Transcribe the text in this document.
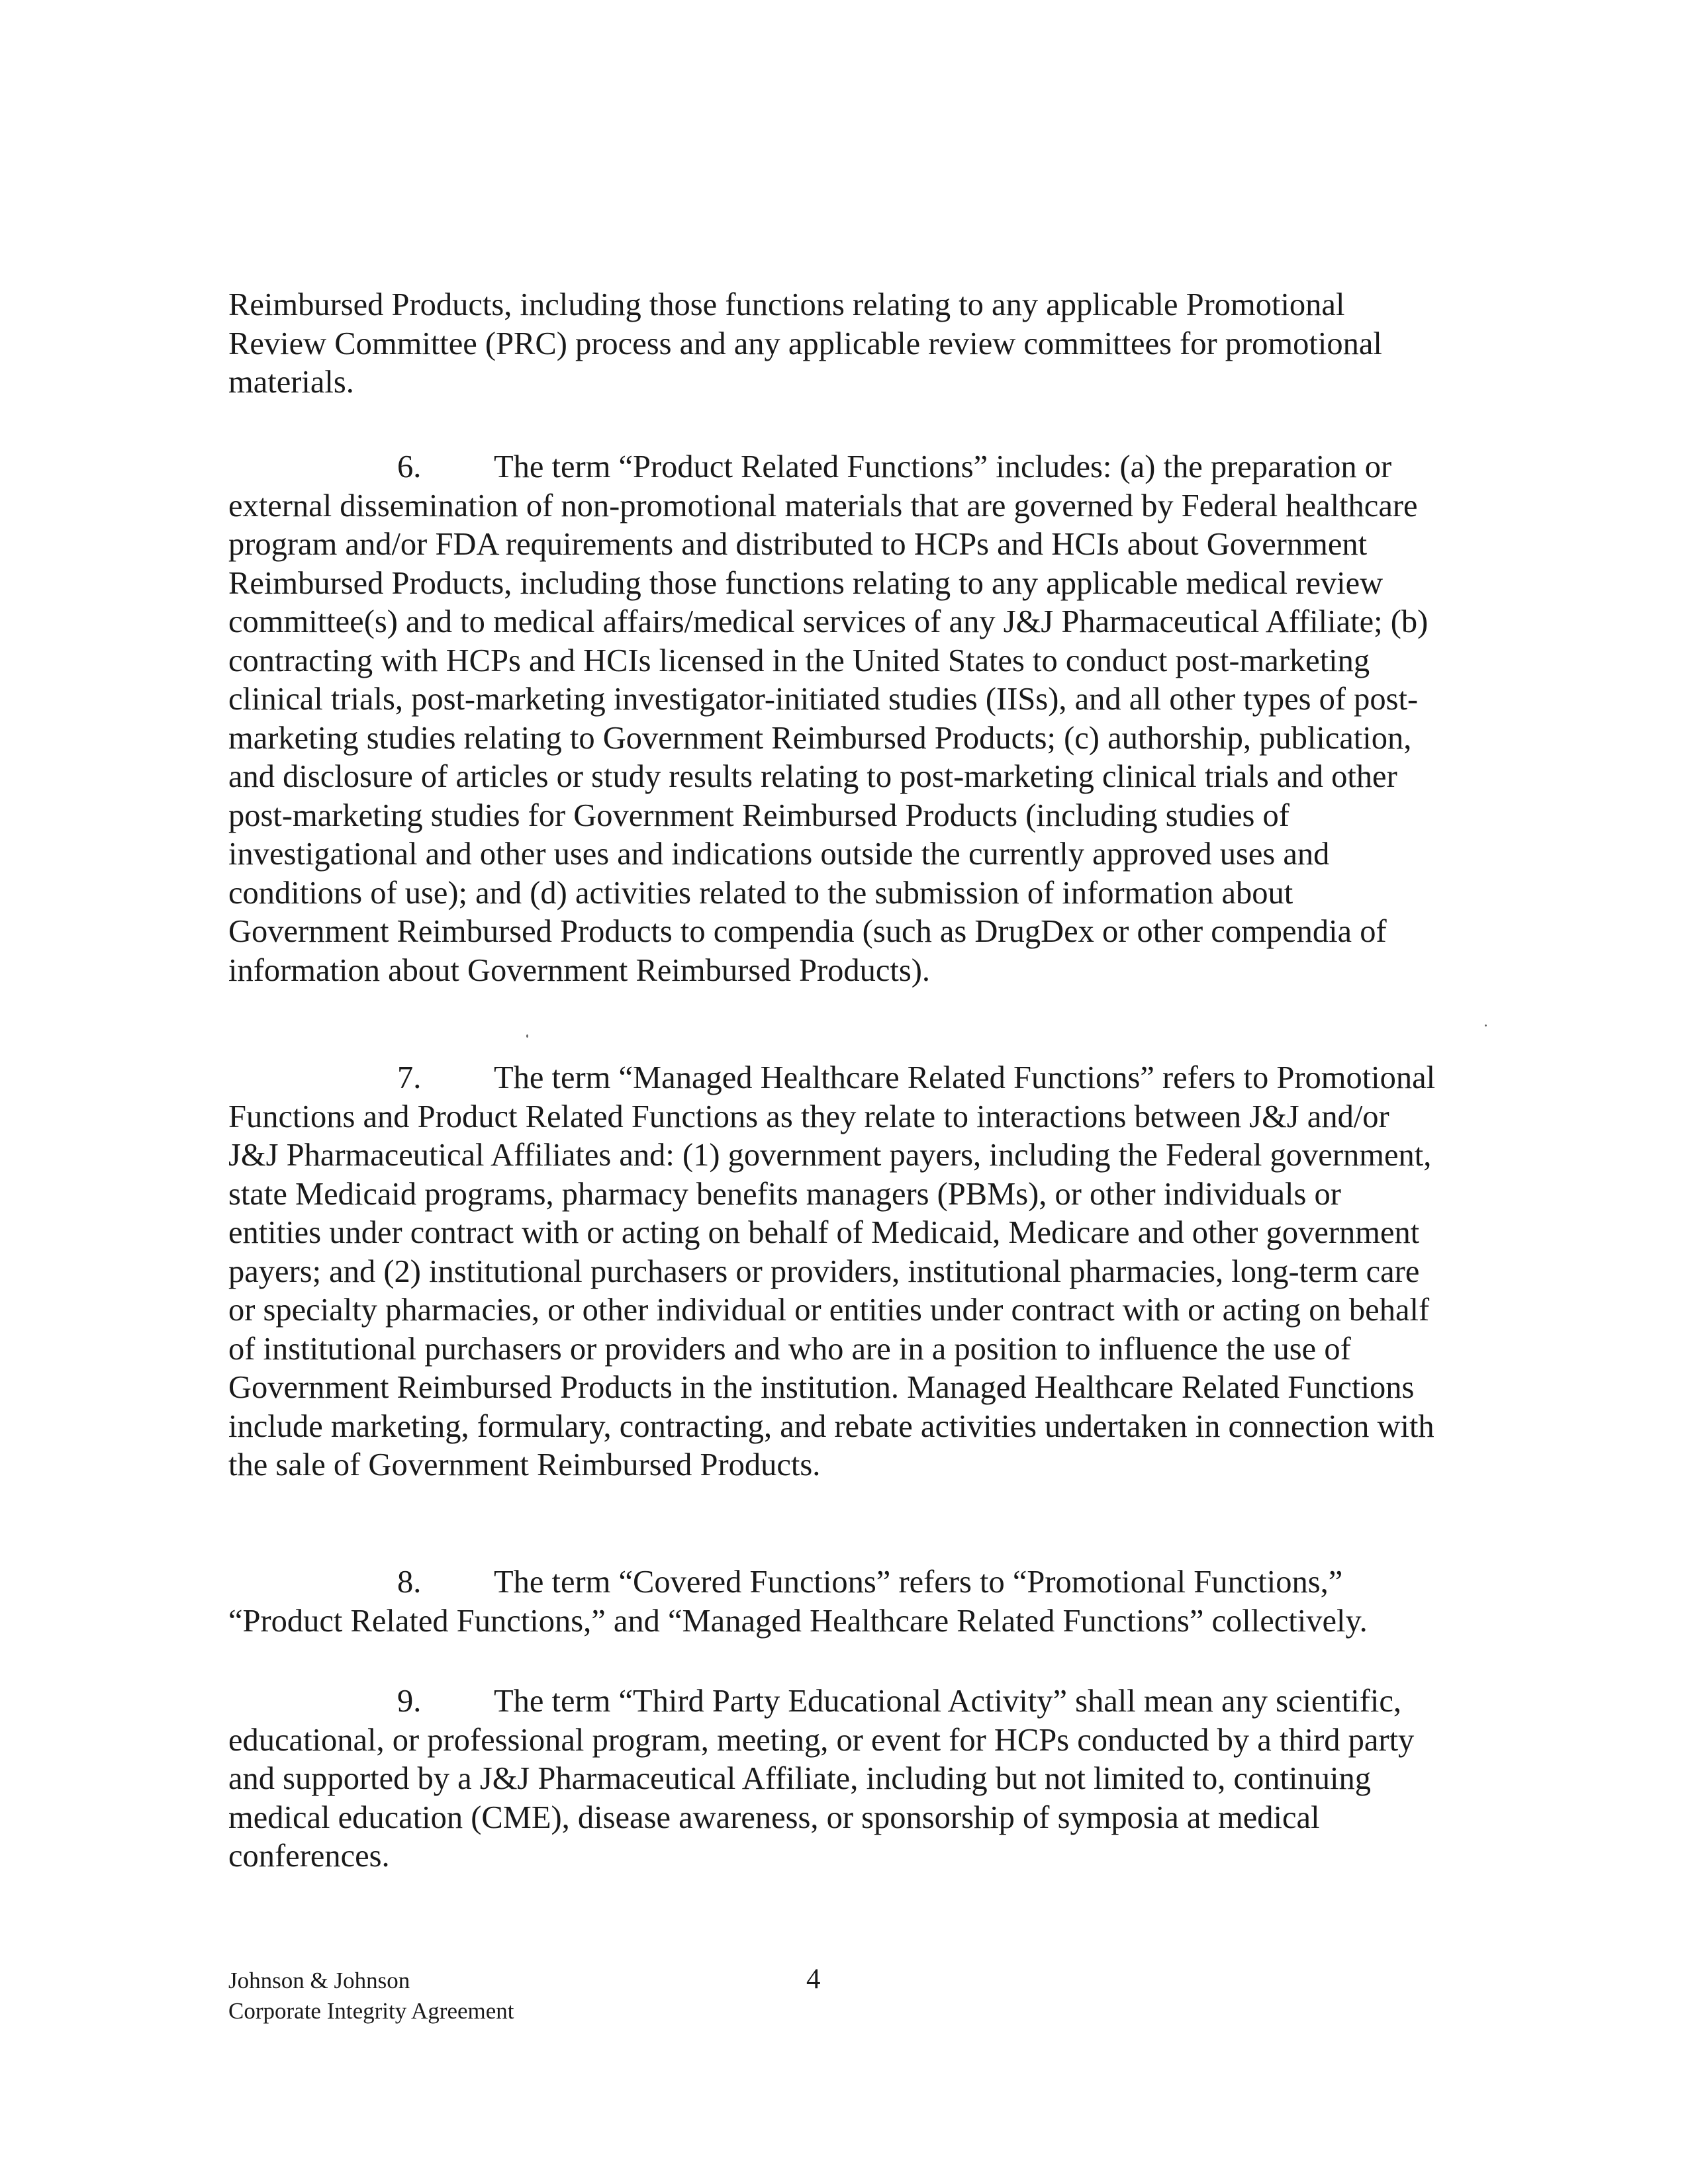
Reimbursed Products, including those functions relating to any applicable Promotional Review Committee (PRC) process and any applicable review committees for promotional materials.

6. The term “Product Related Functions” includes: (a) the preparation or external dissemination of non-promotional materials that are governed by Federal healthcare program and/or FDA requirements and distributed to HCPs and HCIs about Government Reimbursed Products, including those functions relating to any applicable medical review committee(s) and to medical affairs/medical services of any J&J Pharmaceutical Affiliate; (b) contracting with HCPs and HCIs licensed in the United States to conduct post-marketing clinical trials, post-marketing investigator-initiated studies (IISs), and all other types of post-marketing studies relating to Government Reimbursed Products; (c) authorship, publication, and disclosure of articles or study results relating to post-marketing clinical trials and other post-marketing studies for Government Reimbursed Products (including studies of investigational and other uses and indications outside the currently approved uses and conditions of use); and (d) activities related to the submission of information about Government Reimbursed Products to compendia (such as DrugDex or other compendia of information about Government Reimbursed Products).

7. The term “Managed Healthcare Related Functions” refers to Promotional Functions and Product Related Functions as they relate to interactions between J&J and/or J&J Pharmaceutical Affiliates and: (1) government payers, including the Federal government, state Medicaid programs, pharmacy benefits managers (PBMs), or other individuals or entities under contract with or acting on behalf of Medicaid, Medicare and other government payers; and (2) institutional purchasers or providers, institutional pharmacies, long-term care or specialty pharmacies, or other individual or entities under contract with or acting on behalf of institutional purchasers or providers and who are in a position to influence the use of Government Reimbursed Products in the institution. Managed Healthcare Related Functions include marketing, formulary, contracting, and rebate activities undertaken in connection with the sale of Government Reimbursed Products.

8. The term “Covered Functions” refers to “Promotional Functions,” “Product Related Functions,” and “Managed Healthcare Related Functions” collectively.

9. The term “Third Party Educational Activity” shall mean any scientific, educational, or professional program, meeting, or event for HCPs conducted by a third party and supported by a J&J Pharmaceutical Affiliate, including but not limited to, continuing medical education (CME), disease awareness, or sponsorship of symposia at medical conferences.

Johnson & Johnson
Corporate Integrity Agreement
4
